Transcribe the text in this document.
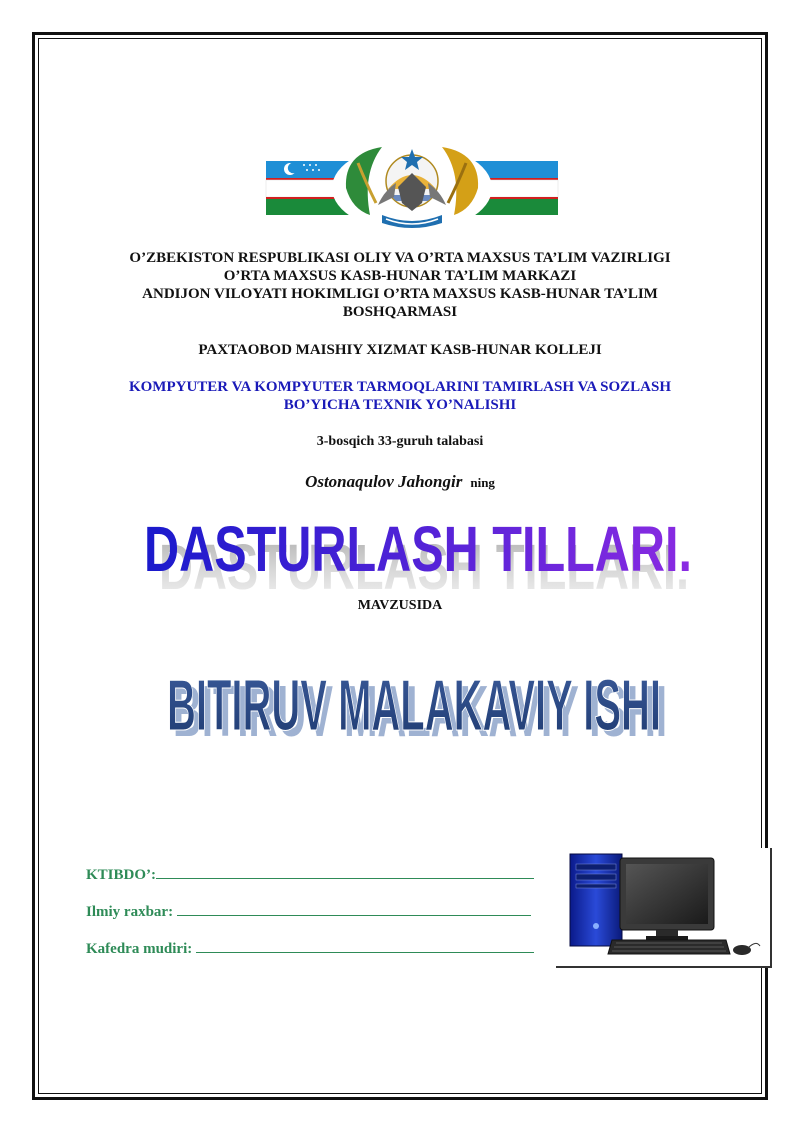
O’ZBEKISTON RESPUBLIKASI OLIY VA O’RTA MAXSUS TA’LIM VAZIRLIGI
O’RTA MAXSUS KASB-HUNAR TA’LIM MARKAZI
ANDIJON VILOYATI HOKIMLIGI O’RTA MAXSUS KASB-HUNAR TA’LIM
BOSHQARMASI
PAXTAOBOD MAISHIY XIZMAT KASB-HUNAR KOLLEJI
KOMPYUTER VA KOMPYUTER TARMOQLARINI TAMIRLASH VA SOZLASH
BO’YICHA TEXNIK YO’NALISHI
3-bosqich 33-guruh talabasi
Ostonaqulov Jahongir ning
DASTURLASH TILLARI.
DASTURLASH TILLARI.
MAVZUSIDA
BITIRUV MALAKAVIY ISHI
BITIRUV MALAKAVIY ISHI
KTIBDO’:
Ilmiy raxbar:
Kafedra mudiri:
